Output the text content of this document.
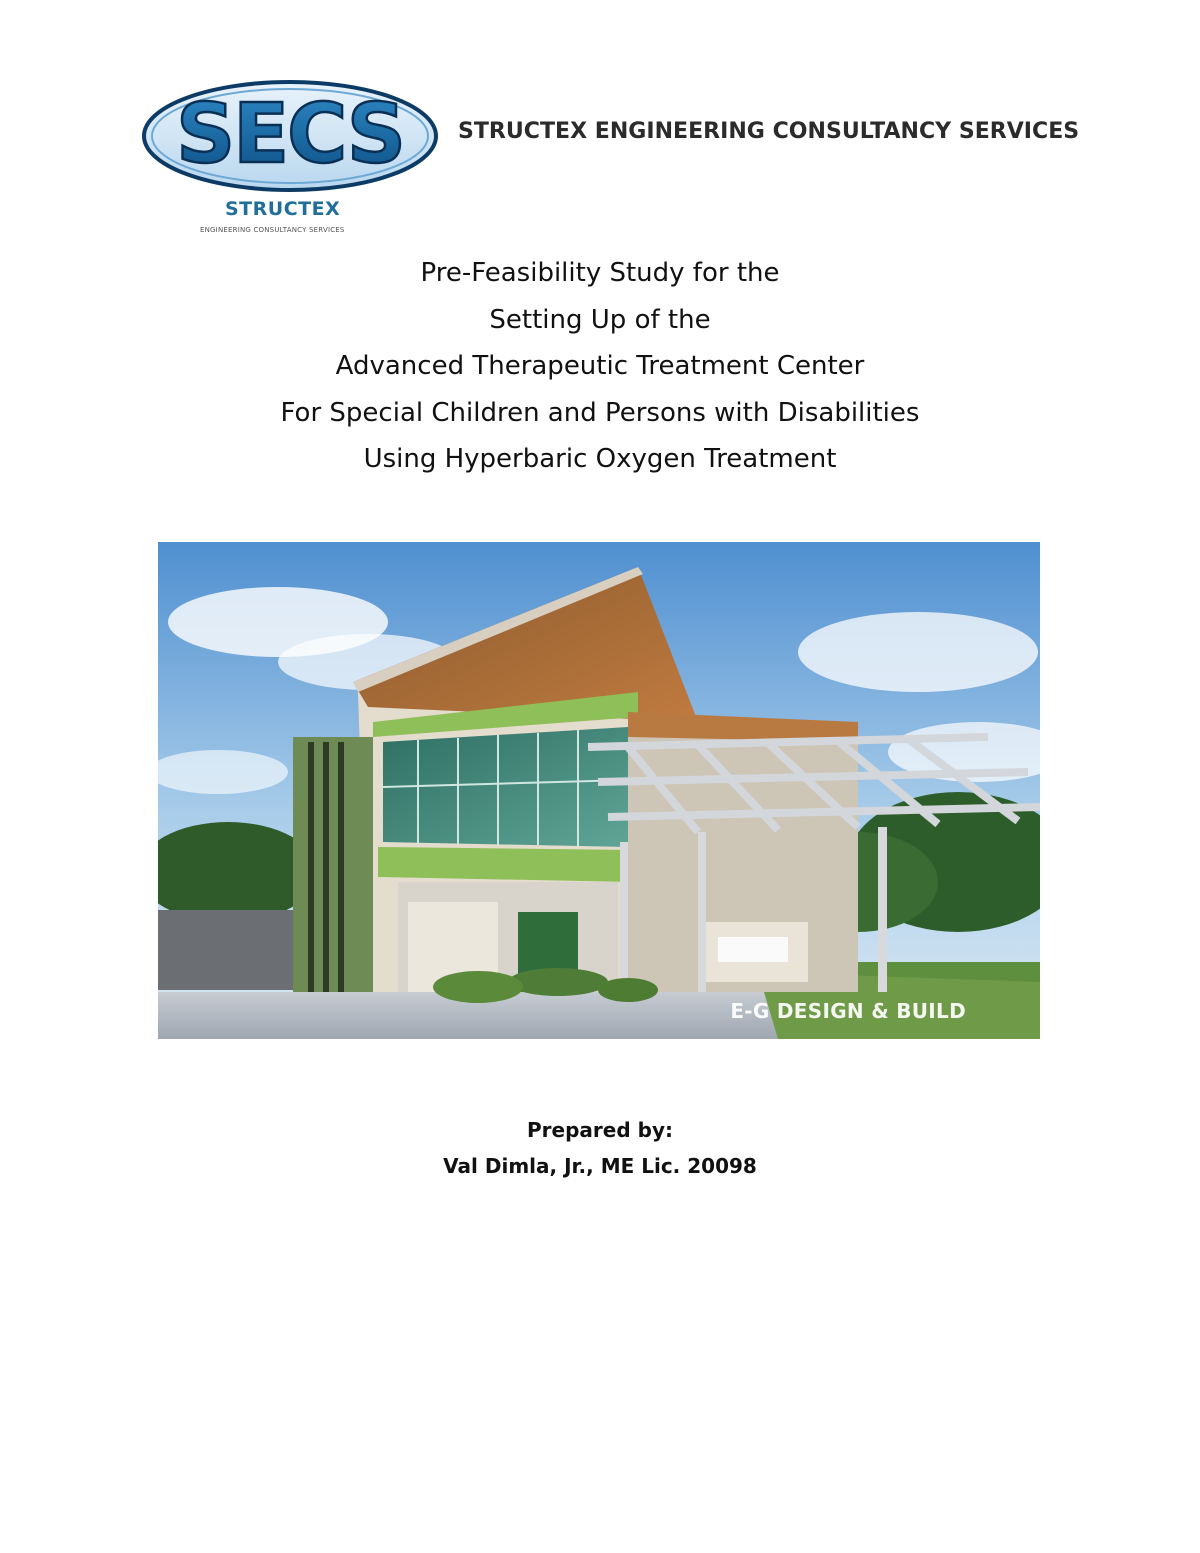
SECS STRUCTEX ENGINEERING CONSULTANCY SERVICES
STRUCTEX
ENGINEERING CONSULTANCY SERVICES
Pre-Feasibility Study for the
Setting Up of the
Advanced Therapeutic Treatment Center
For Special Children and Persons with Disabilities
Using Hyperbaric Oxygen Treatment
E-G DESIGN & BUILD
Prepared by:
Val Dimla, Jr., ME Lic. 20098
